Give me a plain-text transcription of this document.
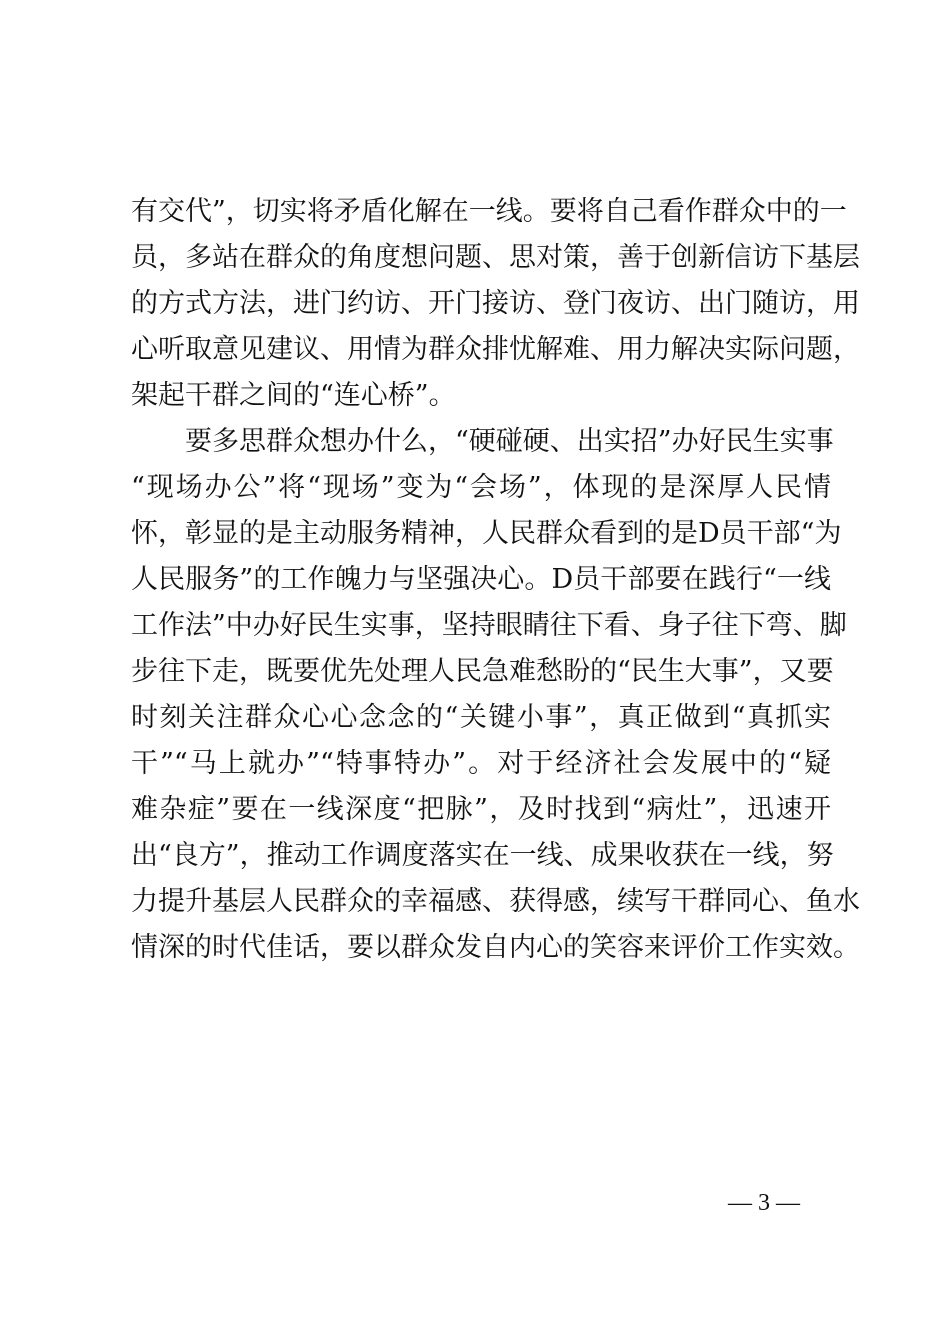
有交代”，切实将矛盾化解在一线。要将自己看作群众中的一
员，多站在群众的角度想问题、思对策，善于创新信访下基层
的方式方法，进门约访、开门接访、登门夜访、出门随访，用
心听取意见建议、用情为群众排忧解难、用力解决实际问题，
架起干群之间的“连心桥”。
　　要多思群众想办什么，“硬碰硬、出实招”办好民生实事
“现场办公”将“现场”变为“会场”，体现的是深厚人民情
怀，彰显的是主动服务精神，人民群众看到的是D员干部“为
人民服务”的工作魄力与坚强决心。D员干部要在践行“一线
工作法”中办好民生实事，坚持眼睛往下看、身子往下弯、脚
步往下走，既要优先处理人民急难愁盼的“民生大事”，又要
时刻关注群众心心念念的“关键小事”，真正做到“真抓实
干”“马上就办”“特事特办”。对于经济社会发展中的“疑
难杂症”要在一线深度“把脉”，及时找到“病灶”，迅速开
出“良方”，推动工作调度落实在一线、成果收获在一线，努
力提升基层人民群众的幸福感、获得感，续写干群同心、鱼水
情深的时代佳话，要以群众发自内心的笑容来评价工作实效。
— 3 —
